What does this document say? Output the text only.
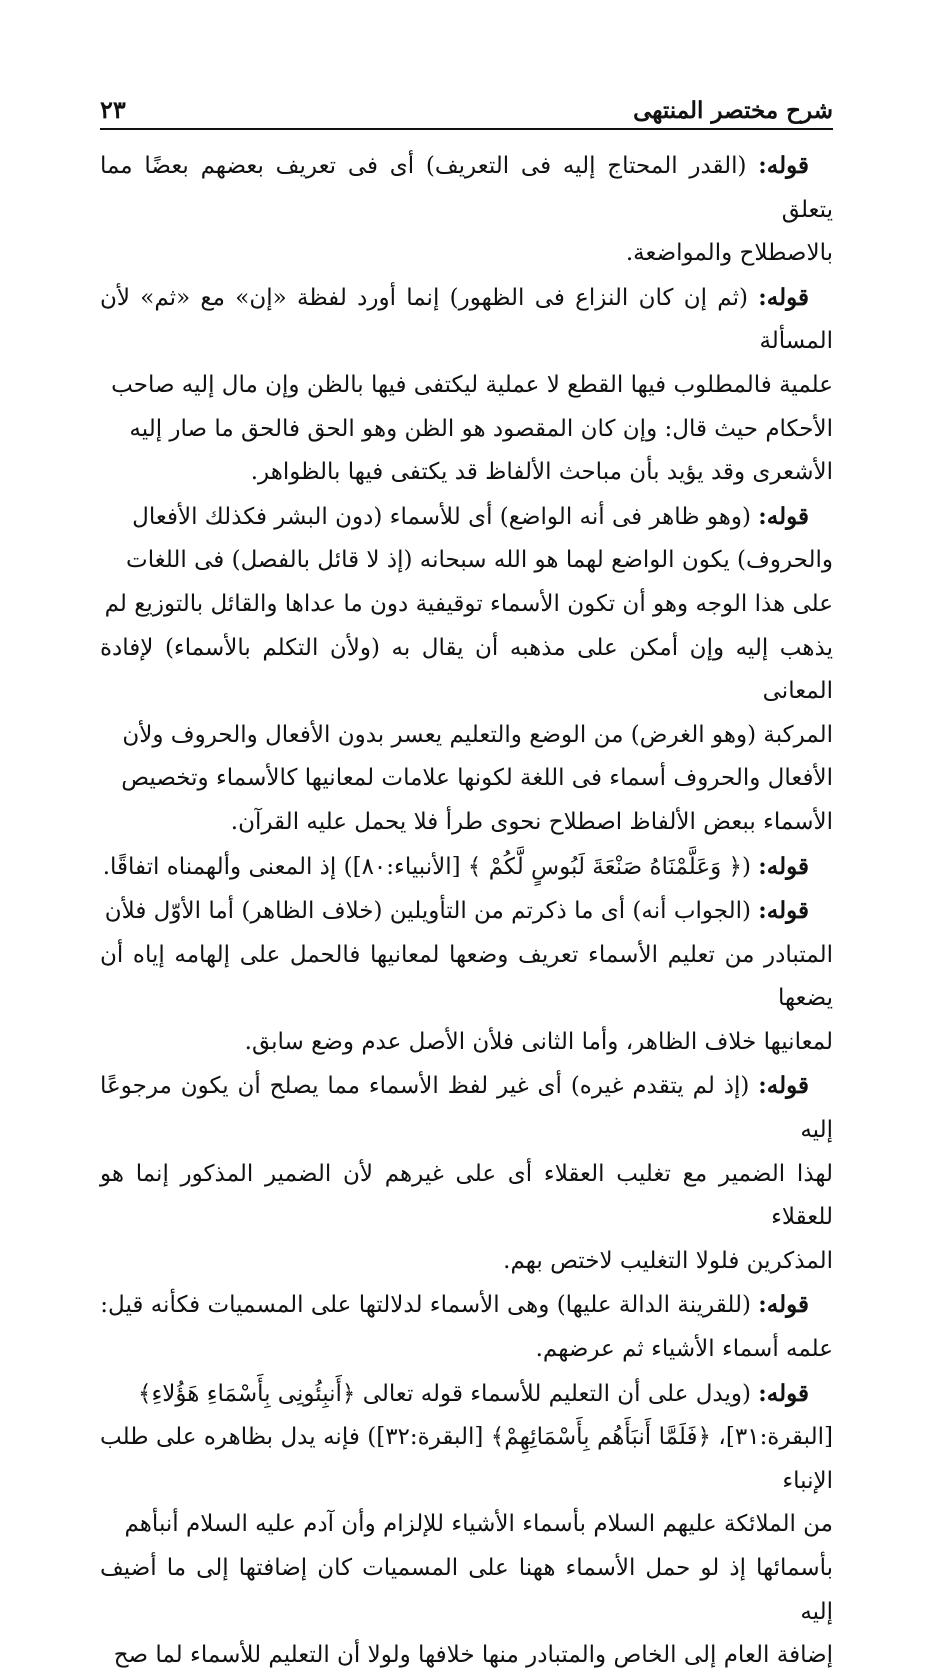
٢٣	شرح مختصر المنتهى

قوله: (القدر المحتاج إليه فى التعريف) أى فى تعريف بعضهم بعضًا مما يتعلق
بالاصطلاح والمواضعة.

قوله: (ثم إن كان النزاع فى الظهور) إنما أورد لفظة «إن» مع «ثم» لأن المسألة
علمية فالمطلوب فيها القطع لا عملية ليكتفى فيها بالظن وإن مال إليه صاحب
الأحكام حيث قال: وإن كان المقصود هو الظن وهو الحق فالحق ما صار إليه
الأشعرى وقد يؤيد بأن مباحث الألفاظ قد يكتفى فيها بالظواهر.

قوله: (وهو ظاهر فى أنه الواضع) أى للأسماء (دون البشر فكذلك الأفعال
والحروف) يكون الواضع لهما هو الله سبحانه (إذ لا قائل بالفصل) فى اللغات
على هذا الوجه وهو أن تكون الأسماء توقيفية دون ما عداها والقائل بالتوزيع لم
يذهب إليه وإن أمكن على مذهبه أن يقال به (ولأن التكلم بالأسماء) لإفادة المعانى
المركبة (وهو الغرض) من الوضع والتعليم يعسر بدون الأفعال والحروف ولأن
الأفعال والحروف أسماء فى اللغة لكونها علامات لمعانيها كالأسماء وتخصيص
الأسماء ببعض الألفاظ اصطلاح نحوى طرأ فلا يحمل عليه القرآن.

قوله: (﴿ وَعَلَّمْنَاهُ صَنْعَةَ لَبُوسٍ لَّكُمْ ﴾ [الأنبياء:٨٠]) إذ المعنى وألهمناه اتفاقًا.

قوله: (الجواب أنه) أى ما ذكرتم من التأويلين (خلاف الظاهر) أما الأوّل فلأن
المتبادر من تعليم الأسماء تعريف وضعها لمعانيها فالحمل على إلهامه إياه أن يضعها
لمعانيها خلاف الظاهر، وأما الثانى فلأن الأصل عدم وضع سابق.

قوله: (إذ لم يتقدم غيره) أى غير لفظ الأسماء مما يصلح أن يكون مرجوعًا إليه
لهذا الضمير مع تغليب العقلاء أى على غيرهم لأن الضمير المذكور إنما هو للعقلاء
المذكرين فلولا التغليب لاختص بهم.

قوله: (للقرينة الدالة عليها) وهى الأسماء لدلالتها على المسميات فكأنه قيل:
علمه أسماء الأشياء ثم عرضهم.

قوله: (ويدل على أن التعليم للأسماء قوله تعالى ﴿أَنبِئُونِى بِأَسْمَاءِ هَؤُلاءِ﴾
[البقرة:٣١]، ﴿فَلَمَّا أَنبَأَهُم بِأَسْمَائِهِمْ﴾ [البقرة:٣٢]) فإنه يدل بظاهره على طلب الإنباء
من الملائكة عليهم السلام بأسماء الأشياء للإلزام وأن آدم عليه السلام أنبأهم
بأسمائها إذ لو حمل الأسماء ههنا على المسميات كان إضافتها إلى ما أضيف إليه
إضافة العام إلى الخاص والمتبادر منها خلافها ولولا أن التعليم للأسماء لما صح
